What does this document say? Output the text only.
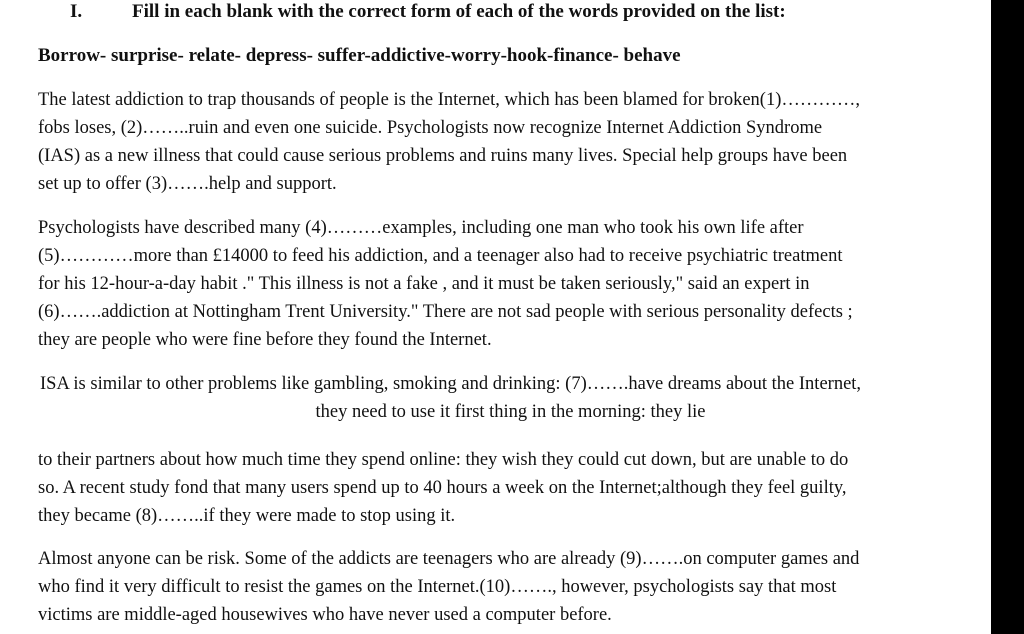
I.	Fill in each blank with the correct form of each of the words provided on the list:
Borrow- surprise- relate- depress- suffer-addictive-worry-hook-finance- behave
The latest addiction to trap thousands of people is the Internet, which has been blamed for broken(1)…………,
fobs loses, (2)……..ruin and even one suicide. Psychologists now recognize Internet Addiction Syndrome
(IAS) as a new illness that could cause serious problems and ruins many lives. Special help groups have been
set up to offer (3)…….help and support.
Psychologists have described many (4)………examples, including one man who took his own life after
(5)…………more than £14000 to feed his addiction, and a teenager also had to receive psychiatric treatment
for his 12-hour-a-day habit ." This illness is not a fake , and it must be taken seriously," said an expert in
(6)…….addiction at Nottingham Trent University." There are not sad people with serious personality defects ;
they are people who were fine before they found the Internet.
ISA is similar to other problems like gambling, smoking and drinking: (7)…….have dreams about the Internet,
they need to use it first thing in the morning: they lie
to their partners about how much time they spend online: they wish they could cut down, but are unable to do
so. A recent study fond that many users spend up to 40 hours a week on the Internet;although they feel guilty,
they became (8)……..if they were made to stop using it.
Almost anyone can be risk. Some of the addicts are teenagers who are already (9)…….on computer games and
who find it very difficult to resist the games on the Internet.(10)……., however, psychologists say that most
victims are middle-aged housewives who have never used a computer before.
